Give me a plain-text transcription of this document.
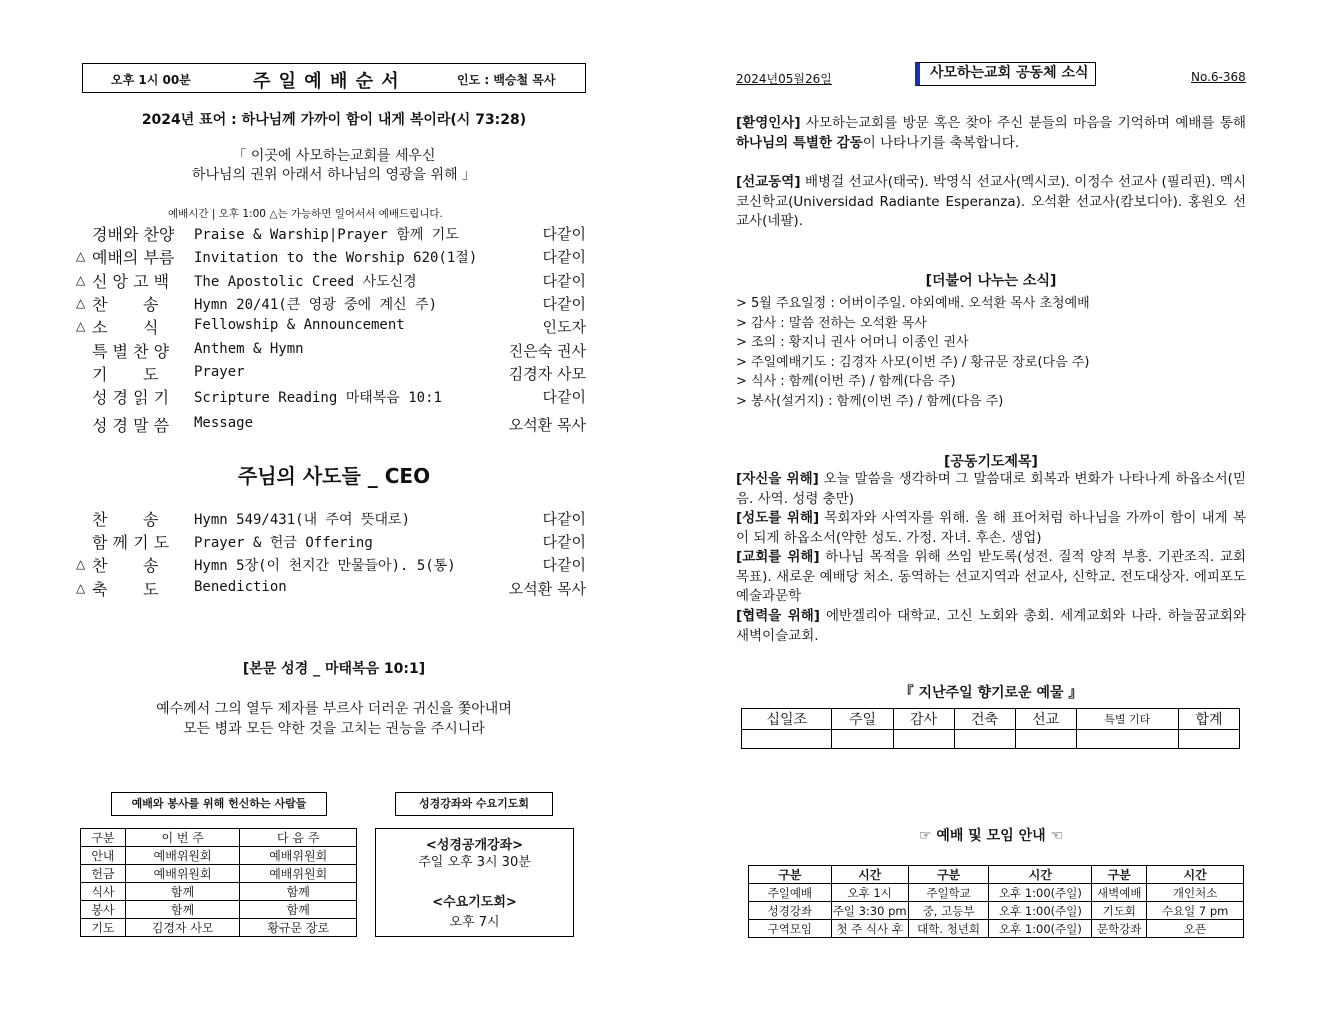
오후 1시 00분	주 일 예 배 순 서	인도 : 백승철 목사
2024년 표어 : 하나님께 가까이 함이 내게 복이라(시 73:28)
「 이곳에 사모하는교회를 세우신
하나님의 권위 아래서 하나님의 영광을 위해 」
예배시간 | 오후 1:00 △는 가능하면 일어서서 예배드립니다.
경배와 찬양	Praise & Warship|Prayer 함께 기도	다같이
△ 예배의 부름	Invitation to the Worship 620(1절)	다같이
△ 신 앙 고 백	The Apostolic Creed 사도신경	다같이
△ 찬       송	Hymn 20/41(큰 영광 중에 계신 주)	다같이
△ 소       식	Fellowship & Announcement	인도자
특 별 찬 양	Anthem & Hymn	진은숙 권사
기       도	Prayer	김경자 사모
성 경 읽 기	Scripture Reading 마태복음 10:1	다같이
성 경 말 씀	Message	오석환 목사
주님의 사도들 _ CEO
찬       송	Hymn 549/431(내 주여 뜻대로)	다같이
함 께 기 도	Prayer & 헌금 Offering	다같이
△ 찬       송	Hymn 5장(이 천지간 만물들아). 5(통)	다같이
△ 축       도	Benediction	오석환 목사
[본문 성경 _ 마태복음 10:1]
예수께서 그의 열두 제자를 부르사 더러운 귀신을 쫓아내며
모든 병과 모든 약한 것을 고치는 권능을 주시니라
예배와 봉사를 위해 헌신하는 사람들	성경강좌와 수요기도회
구분	이 번 주	다 음 주
안내	예배위원회	예배위원회
헌금	예배위원회	예배위원회
식사	함께	함께
봉사	함께	함께
기도	김경자 사모	황규문 장로
<성경공개강좌>
주일 오후 3시 30분
<수요기도회>
오후 7시
2024년05월26일	사모하는교회 공동체 소식	No.6-368
[환영인사] 사모하는교회를 방문 혹은 찾아 주신 분들의 마음을 기억하며 예배를 통해 하나님의 특별한 감동이 나타나기를 축복합니다.
[선교동역] 배병걸 선교사(태국). 박영식 선교사(멕시코). 이정수 선교사 (필리핀). 멕시코신학교(Universidad Radiante Esperanza). 오석환 선교사(캄보디아). 홍원오 선교사(네팔).
[더불어 나누는 소식]
> 5월 주요일정 : 어버이주일. 야외예배. 오석환 목사 초청예배
> 감사 : 말씀 전하는 오석환 목사
> 조의 : 황지니 권사 어머니 이종인 권사
> 주일예배기도 : 김경자 사모(이번 주) / 황규문 장로(다음 주)
> 식사 : 함께(이번 주) / 함께(다음 주)
> 봉사(설거지) : 함께(이번 주) / 함께(다음 주)
[공동기도제목]
[자신을 위해] 오늘 말씀을 생각하며 그 말씀대로 회복과 변화가 나타나게 하옵소서(믿음. 사역. 성령 충만)
[성도를 위해] 목회자와 사역자를 위해. 올 해 표어처럼 하나님을 가까이 함이 내게 복이 되게 하옵소서(약한 성도. 가정. 자녀. 후손. 생업)
[교회를 위해] 하나님 목적을 위해 쓰임 받도록(성전. 질적 양적 부흥. 기관조직. 교회 목표). 새로운 예배당 처소. 동역하는 선교지역과 선교사, 신학교. 전도대상자. 에피포도예술과문학
[협력을 위해] 에반겔리아 대학교. 고신 노회와 총회. 세계교회와 나라. 하늘꿈교회와 새벽이슬교회.
『 지난주일 향기로운 예물 』
십일조	주일	감사	건축	선교	특별 기타	합계

☞ 예배 및 모임 안내 ☜
구분	시간	구분	시간	구분	시간
주일예배	오후 1시	주일학교	오후 1:00(주일)	새벽예배	개인처소
성경강좌	주일 3:30 pm	중, 고등부	오후 1:00(주일)	기도회	수요일 7 pm
구역모임	첫 주 식사 후	대학. 청년회	오후 1:00(주일)	문학강좌	오픈
